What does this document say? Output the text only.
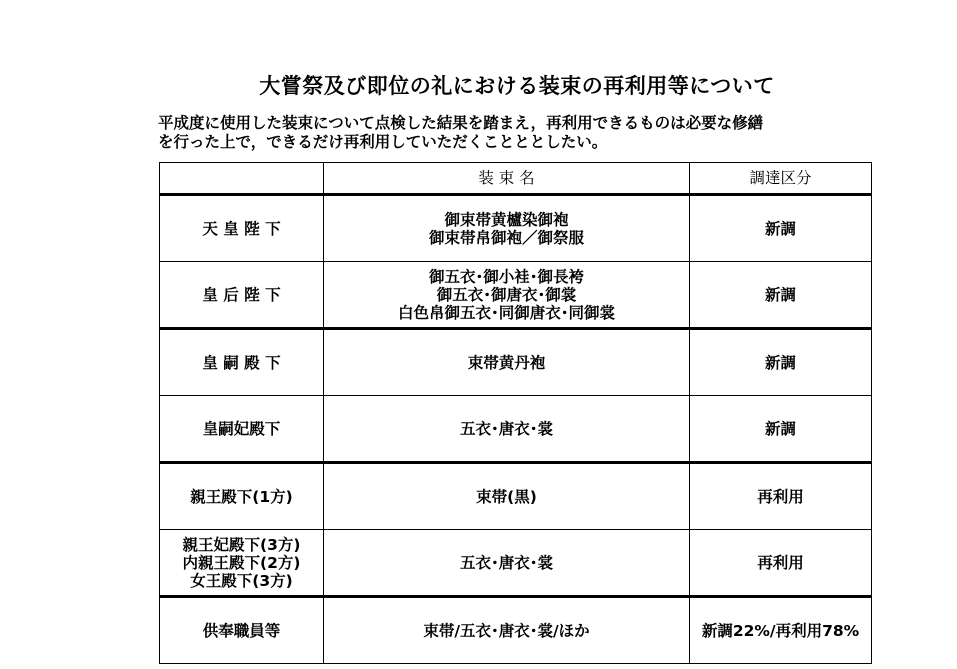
大嘗祭及び即位の礼における装束の再利用等について
平成度に使用した装束について点検した結果を踏まえ，再利用できるものは必要な修繕
を行った上で，できるだけ再利用していただくことととしたい。
	装 束 名	調達区分

天 皇 陛 下	御束帯黄櫨染御袍
御束帯帛御袍／御祭服	新調

皇 后 陛 下	御五衣･御小袿･御長袴
御五衣･御唐衣･御裳
白色帛御五衣･同御唐衣･同御裳	新調

皇 嗣 殿 下	束帯黄丹袍	新調

皇嗣妃殿下	五衣･唐衣･裳	新調

親王殿下(1方)	束帯(黒)	再利用

親王妃殿下(3方)
内親王殿下(2方)
女王殿下(3方)	五衣･唐衣･裳	再利用

供奉職員等	束帯/五衣･唐衣･裳/ほか	新調22%/再利用78%
